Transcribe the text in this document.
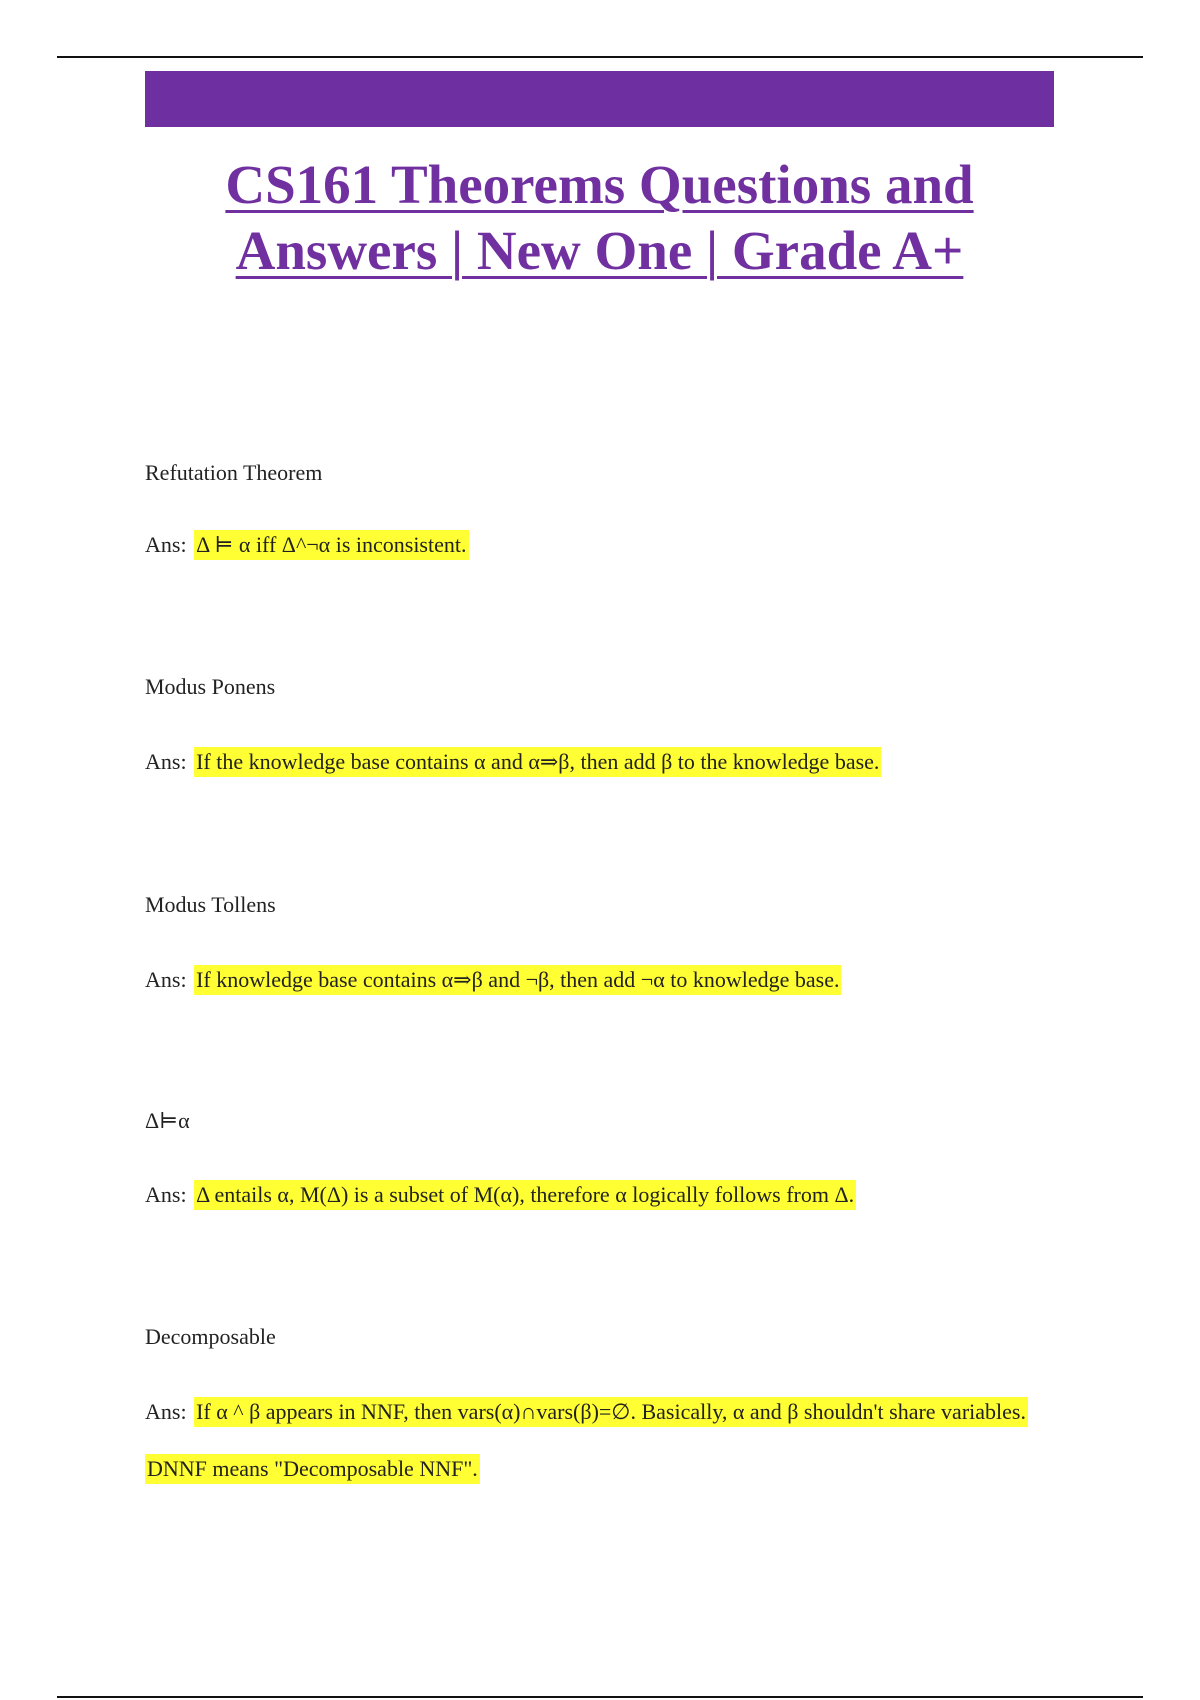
CS161 Theorems Questions and Answers | New One | Grade A+

Refutation Theorem

Ans: Δ ⊨ α iff Δ^¬α is inconsistent.

Modus Ponens

Ans: If the knowledge base contains α and α⇒β, then add β to the knowledge base.

Modus Tollens

Ans: If knowledge base contains α⇒β and ¬β, then add ¬α to knowledge base.

Δ⊨α

Ans: Δ entails α, M(Δ) is a subset of M(α), therefore α logically follows from Δ.

Decomposable

Ans: If α ^ β appears in NNF, then vars(α)∩vars(β)=∅. Basically, α and β shouldn't share variables. DNNF means "Decomposable NNF".
